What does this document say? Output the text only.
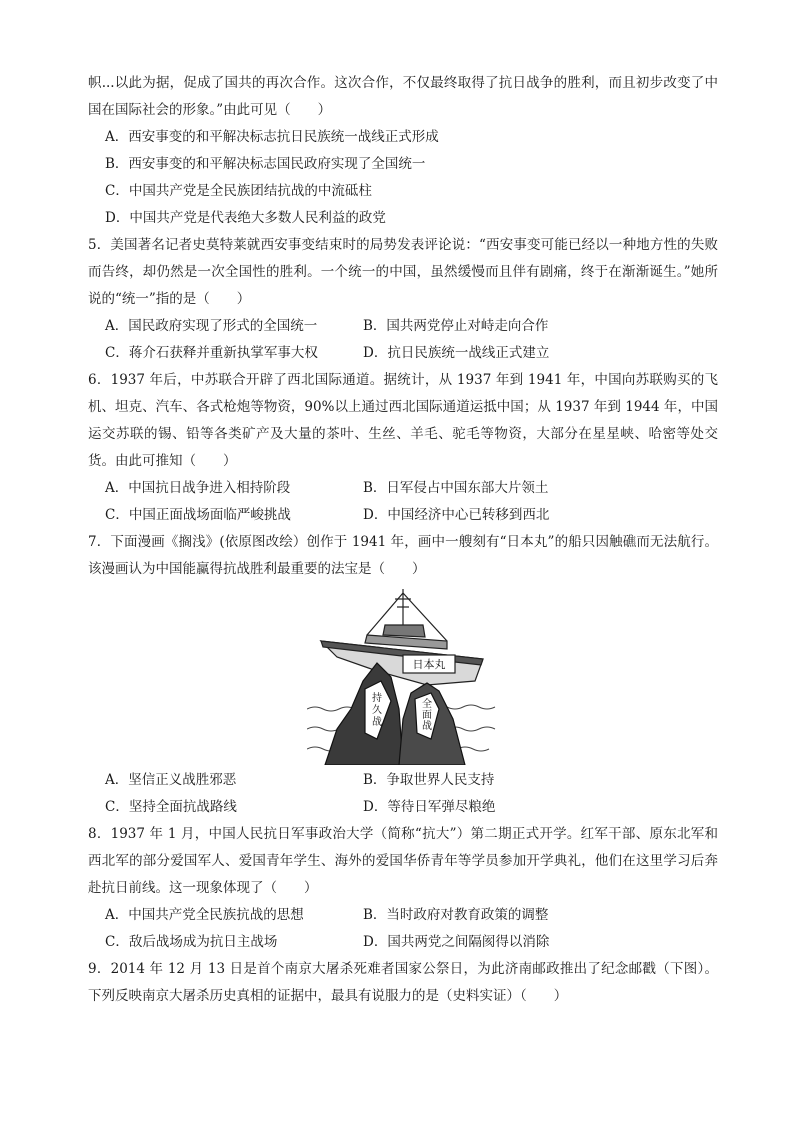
帜...以此为据，促成了国共的再次合作。这次合作，不仅最终取得了抗日战争的胜利，而且初步改变了中国在国际社会的形象。”由此可见（　　）

A．西安事变的和平解决标志抗日民族统一战线正式形成

B．西安事变的和平解决标志国民政府实现了全国统一

C．中国共产党是全民族团结抗战的中流砥柱

D．中国共产党是代表绝大多数人民利益的政党

5．美国著名记者史莫特莱就西安事变结束时的局势发表评论说：“西安事变可能已经以一种地方性的失败而告终，却仍然是一次全国性的胜利。一个统一的中国，虽然缓慢而且伴有剧痛，终于在渐渐诞生。”她所说的“统一”指的是（　　）

A．国民政府实现了形式的全国统一	B．国共两党停止对峙走向合作
C．蒋介石获释并重新执掌军事大权	D．抗日民族统一战线正式建立

6．1937 年后，中苏联合开辟了西北国际通道。据统计，从 1937 年到 1941 年，中国向苏联购买的飞机、坦克、汽车、各式枪炮等物资，90%以上通过西北国际通道运抵中国；从 1937 年到 1944 年，中国运交苏联的锡、铅等各类矿产及大量的茶叶、生丝、羊毛、驼毛等物资，大部分在星星峡、哈密等处交货。由此可推知（　　）

A．中国抗日战争进入相持阶段	B．日军侵占中国东部大片领土
C．中国正面战场面临严峻挑战	D．中国经济中心已转移到西北

7．下面漫画《搁浅》(依原图改绘）创作于 1941 年，画中一艘刻有“日本丸”的船只因触礁而无法航行。该漫画认为中国能赢得抗战胜利最重要的法宝是（　　）

日本丸
持
久
战
全
面
战
A．坚信正义战胜邪恶	B．争取世界人民支持
C．坚持全面抗战路线	D．等待日军弹尽粮绝

8．1937 年 1 月，中国人民抗日军事政治大学（简称“抗大”）第二期正式开学。红军干部、原东北军和西北军的部分爱国军人、爱国青年学生、海外的爱国华侨青年等学员参加开学典礼，他们在这里学习后奔赴抗日前线。这一现象体现了（　　）

A．中国共产党全民族抗战的思想	B．当时政府对教育政策的调整
C．敌后战场成为抗日主战场	D．国共两党之间隔阂得以消除

9．2014 年 12 月 13 日是首个南京大屠杀死难者国家公祭日，为此济南邮政推出了纪念邮戳（下图）。下列反映南京大屠杀历史真相的证据中，最具有说服力的是（史料实证）（　　）
